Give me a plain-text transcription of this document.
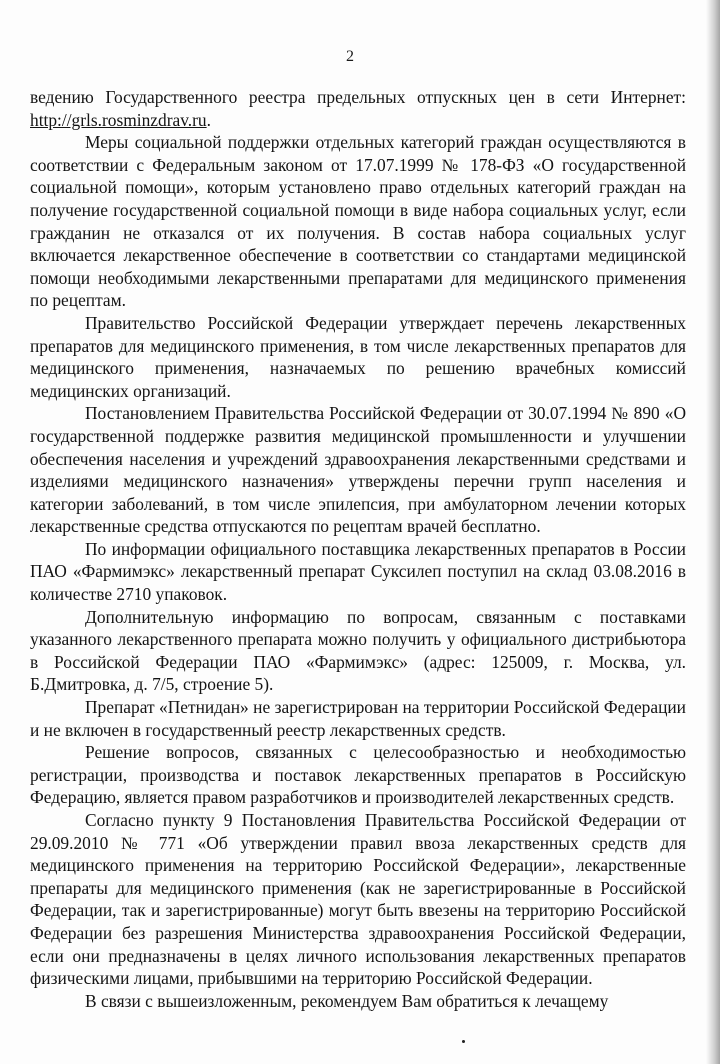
2

ведению Государственного реестра предельных отпускных цен в сети Интернет: http://grls.rosminzdrav.ru.

Меры социальной поддержки отдельных категорий граждан осуществляются в соответствии с Федеральным законом от 17.07.1999 № 178-ФЗ «О государственной социальной помощи», которым установлено право отдельных категорий граждан на получение государственной социальной помощи в виде набора социальных услуг, если гражданин не отказался от их получения. В состав набора социальных услуг включается лекарственное обеспечение в соответствии со стандартами медицинской помощи необходимыми лекарственными препаратами для медицинского применения по рецептам.

Правительство Российской Федерации утверждает перечень лекарственных препаратов для медицинского применения, в том числе лекарственных препаратов для медицинского применения, назначаемых по решению врачебных комиссий медицинских организаций.

Постановлением Правительства Российской Федерации от 30.07.1994 № 890 «О государственной поддержке развития медицинской промышленности и улучшении обеспечения населения и учреждений здравоохранения лекарственными средствами и изделиями медицинского назначения» утверждены перечни групп населения и категории заболеваний, в том числе эпилепсия, при амбулаторном лечении которых лекарственные средства отпускаются по рецептам врачей бесплатно.

По информации официального поставщика лекарственных препаратов в России ПАО «Фармимэкс» лекарственный препарат Суксилеп поступил на склад 03.08.2016 в количестве 2710 упаковок.

Дополнительную информацию по вопросам, связанным с поставками указанного лекарственного препарата можно получить у официального дистрибьютора в Российской Федерации ПАО «Фармимэкс» (адрес: 125009, г. Москва, ул. Б.Дмитровка, д. 7/5, строение 5).

Препарат «Петнидан» не зарегистрирован на территории Российской Федерации и не включен в государственный реестр лекарственных средств.

Решение вопросов, связанных с целесообразностью и необходимостью регистрации, производства и поставок лекарственных препаратов в Российскую Федерацию, является правом разработчиков и производителей лекарственных средств.

Согласно пункту 9 Постановления Правительства Российской Федерации от 29.09.2010 № 771 «Об утверждении правил ввоза лекарственных средств для медицинского применения на территорию Российской Федерации», лекарственные препараты для медицинского применения (как не зарегистрированные в Российской Федерации, так и зарегистрированные) могут быть ввезены на территорию Российской Федерации без разрешения Министерства здравоохранения Российской Федерации, если они предназначены в целях личного использования лекарственных препаратов физическими лицами, прибывшими на территорию Российской Федерации.

В связи с вышеизложенным, рекомендуем Вам обратиться к лечащему
